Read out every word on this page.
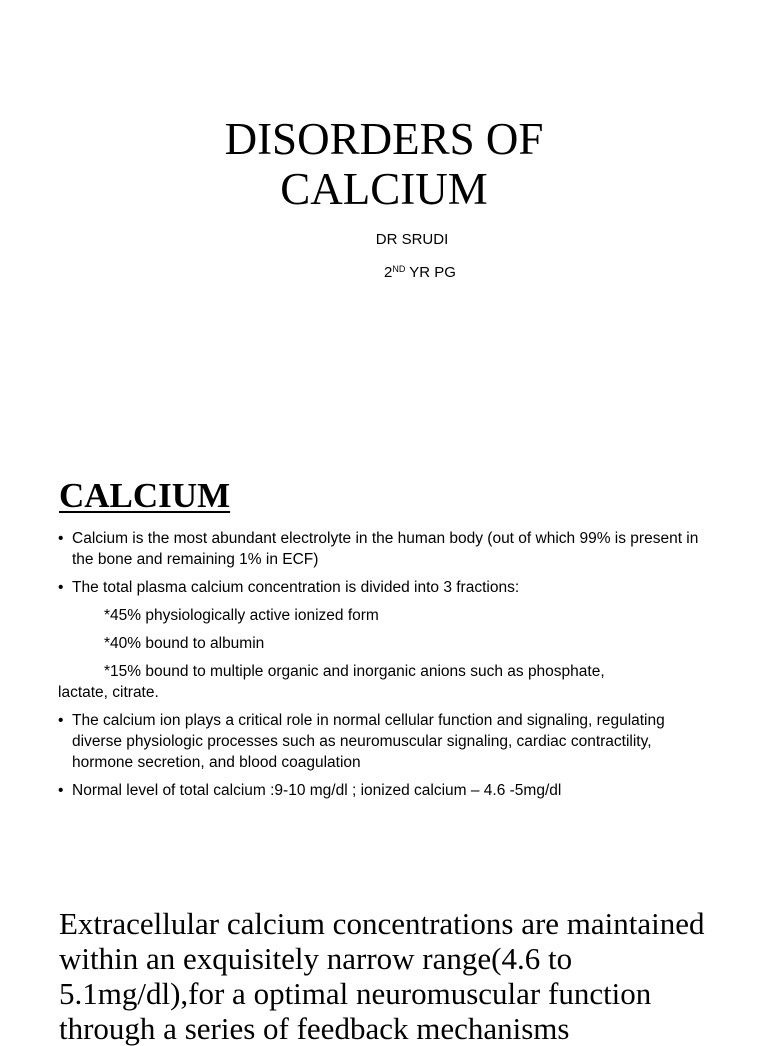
DISORDERS OF
CALCIUM
DR SRUDI
2ND YR PG
CALCIUM

• Calcium is the most abundant electrolyte in the human body (out of which 99% is present in the bone and remaining 1% in ECF)

• The total plasma calcium concentration is divided into 3 fractions:

*45% physiologically active ionized form

*40% bound to albumin

*15% bound to multiple organic and inorganic anions such as phosphate,

lactate, citrate.

• The calcium ion plays a critical role in normal cellular function and signaling, regulating diverse physiologic processes such as neuromuscular signaling, cardiac contractility, hormone secretion, and blood coagulation

• Normal level of total calcium :9-10 mg/dl ; ionized calcium – 4.6 -5mg/dl

Extracellular calcium concentrations are maintained within an exquisitely narrow range(4.6 to 5.1mg/dl),for a optimal neuromuscular function through a series of feedback mechanisms
